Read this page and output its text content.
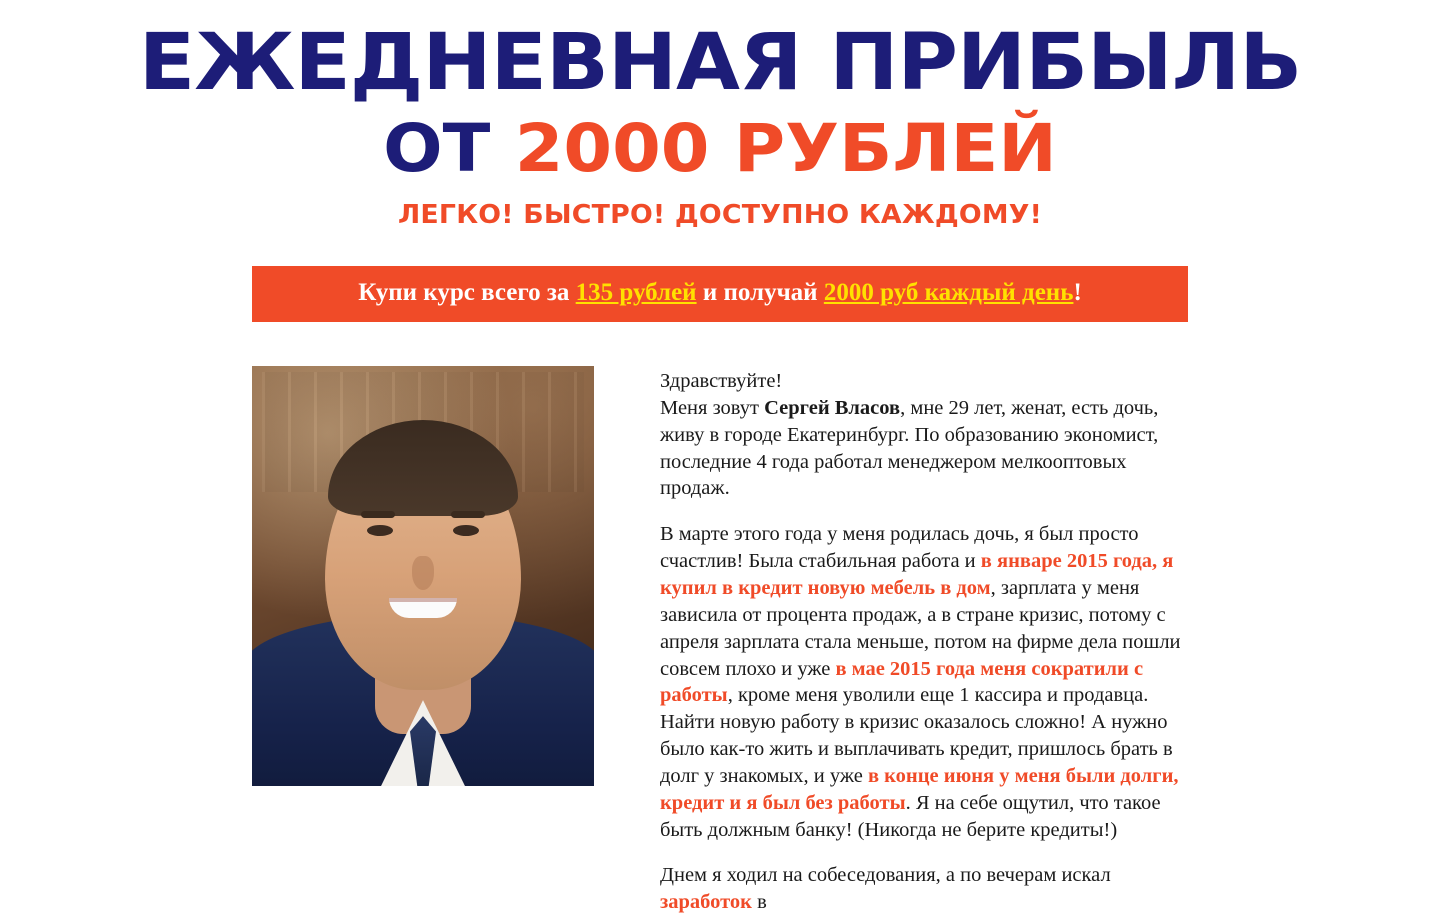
ЕЖЕДНЕВНАЯ ПРИБЫЛЬ
ОТ 2000 РУБЛЕЙ
ЛЕГКО! БЫСТРО! ДОСТУПНО КАЖДОМУ!
Купи курс всего за 135 рублей и получай 2000 руб каждый день!

Здравствуйте!
Меня зовут Сергей Власов, мне 29 лет, женат, есть дочь, живу в городе Екатеринбург. По образованию экономист, последние 4 года работал менеджером мелкооптовых продаж.

В марте этого года у меня родилась дочь, я был просто счастлив! Была стабильная работа и в январе 2015 года, я купил в кредит новую мебель в дом, зарплата у меня зависила от процента продаж, а в стране кризис, потому с апреля зарплата стала меньше, потом на фирме дела пошли совсем плохо и уже в мае 2015 года меня сократили с работы, кроме меня уволили еще 1 кассира и продавца. Найти новую работу в кризис оказалось сложно! А нужно было как-то жить и выплачивать кредит, пришлось брать в долг у знакомых, и уже в конце июня у меня были долги, кредит и я был без работы. Я на себе ощутил, что такое быть должным банку! (Никогда не берите кредиты!)

Днем я ходил на собеседования, а по вечерам искал заработок в
